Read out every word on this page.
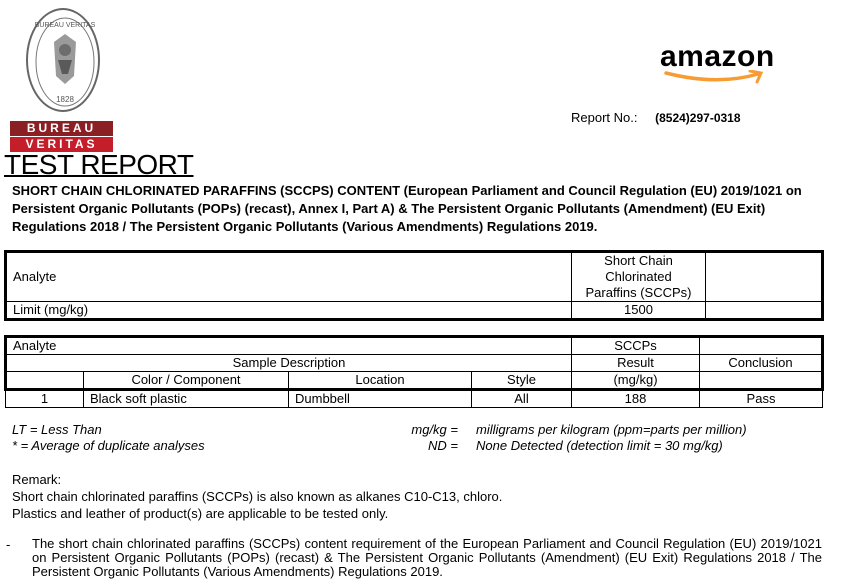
BUREAU VERITAS
1828
BUREAU
VERITAS
amazon
Report No.: (8524)297-0318
TEST REPORT
SHORT CHAIN CHLORINATED PARAFFINS (SCCPS) CONTENT (European Parliament and Council Regulation (EU) 2019/1021 on Persistent Organic Pollutants (POPs) (recast), Annex I, Part A) & The Persistent Organic Pollutants (Amendment) (EU Exit) Regulations 2018 / The Persistent Organic Pollutants (Various Amendments) Regulations 2019.
Analyte	Short Chain Chlorinated Paraffins (SCCPs)	
Limit (mg/kg)	1500	
Analyte				SCCPs	
Sample Description				Result	Conclusion
	Color / Component	Location	Style	(mg/kg)	
1	Black soft plastic	Dumbbell	All	188	Pass
LT = Less Than
* = Average of duplicate analyses
mg/kg = milligrams per kilogram (ppm=parts per million)
ND = None Detected (detection limit = 30 mg/kg)
Remark:
Short chain chlorinated paraffins (SCCPs) is also known as alkanes C10-C13, chloro.
Plastics and leather of product(s) are applicable to be tested only.
- The short chain chlorinated paraffins (SCCPs) content requirement of the European Parliament and Council Regulation (EU) 2019/1021 on Persistent Organic Pollutants (POPs) (recast) & The Persistent Organic Pollutants (Amendment) (EU Exit) Regulations 2018 / The Persistent Organic Pollutants (Various Amendments) Regulations 2019.
